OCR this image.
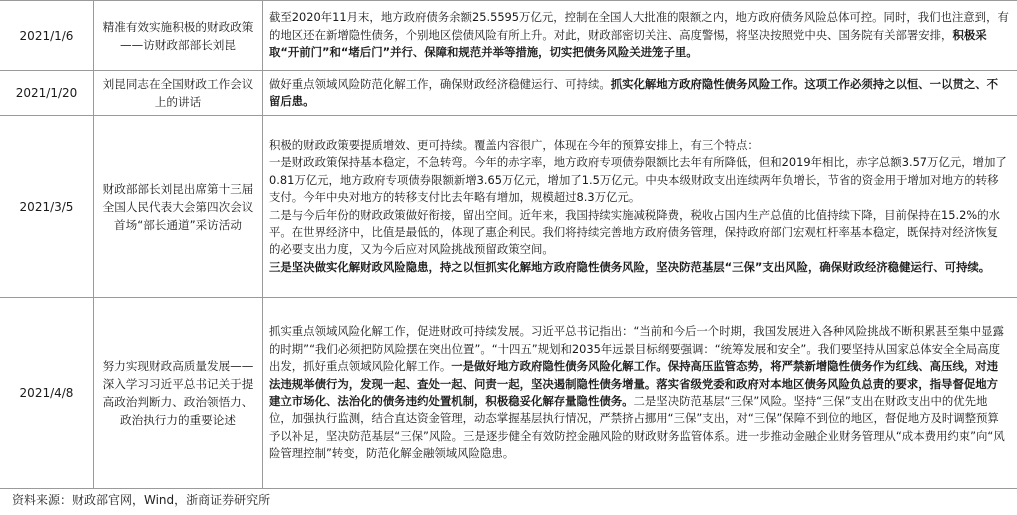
2021/1/6	精准有效实施积极的财政政策——访财政部部长刘昆	截至2020年11月末，地方政府债务余额25.5595万亿元，控制在全国人大批准的限额之内，地方政府债务风险总体可控。同时，我们也注意到，有的地区还在新增隐性债务，个别地区偿债风险有所上升。对此，财政部密切关注、高度警惕，将坚决按照党中央、国务院有关部署安排，积极采取“开前门”和“堵后门”并行、保障和规范并举等措施，切实把债务风险关进笼子里。

2021/1/20	刘昆同志在全国财政工作会议上的讲话	做好重点领域风险防范化解工作，确保财政经济稳健运行、可持续。抓实化解地方政府隐性债务风险工作。这项工作必须持之以恒、一以贯之、不留后患。

2021/3/5	财政部部长刘昆出席第十三届全国人民代表大会第四次会议首场“部长通道”采访活动	积极的财政政策要提质增效、更可持续。覆盖内容很广，体现在今年的预算安排上，有三个特点：

一是财政政策保持基本稳定，不急转弯。今年的赤字率，地方政府专项债券限额比去年有所降低，但和2019年相比，赤字总额3.57万亿元，增加了0.81万亿元，地方政府专项债券限额新增3.65万亿元，增加了1.5万亿元。中央本级财政支出连续两年负增长，节省的资金用于增加对地方的转移支付。今年中央对地方的转移支付比去年略有增加，规模超过8.3万亿元。

二是与今后年份的财政政策做好衔接，留出空间。近年来，我国持续实施减税降费，税收占国内生产总值的比值持续下降，目前保持在15.2%的水平。在世界经济中，比值是最低的，体现了惠企利民。我们将持续完善地方政府债务管理，保持政府部门宏观杠杆率基本稳定，既保持对经济恢复的必要支出力度，又为今后应对风险挑战预留政策空间。

三是坚决做实化解财政风险隐患，持之以恒抓实化解地方政府隐性债务风险，坚决防范基层“三保”支出风险，确保财政经济稳健运行、可持续。

2021/4/8	努力实现财政高质量发展——深入学习习近平总书记关于提高政治判断力、政治领悟力、政治执行力的重要论述	抓实重点领域风险化解工作，促进财政可持续发展。习近平总书记指出：“当前和今后一个时期，我国发展进入各种风险挑战不断积累甚至集中显露的时期”“我们必须把防风险摆在突出位置”。“十四五”规划和2035年远景目标纲要强调：“统筹发展和安全”。我们要坚持从国家总体安全全局高度出发，抓好重点领域风险化解工作。一是做好地方政府隐性债务风险化解工作。保持高压监管态势，将严禁新增隐性债务作为红线、高压线，对违法违规举债行为，发现一起、查处一起、问责一起，坚决遏制隐性债务增量。落实省级党委和政府对本地区债务风险负总责的要求，指导督促地方建立市场化、法治化的债务违约处置机制，积极稳妥化解存量隐性债务。二是坚决防范基层“三保”风险。坚持“三保”支出在财政支出中的优先地位，加强执行监测，结合直达资金管理，动态掌握基层执行情况，严禁挤占挪用“三保”支出，对“三保”保障不到位的地区，督促地方及时调整预算予以补足，坚决防范基层“三保”风险。三是逐步健全有效防控金融风险的财政财务监管体系。进一步推动金融企业财务管理从“成本费用约束”向“风险管理控制”转变，防范化解金融领域风险隐患。

资料来源：财政部官网，Wind，浙商证券研究所
